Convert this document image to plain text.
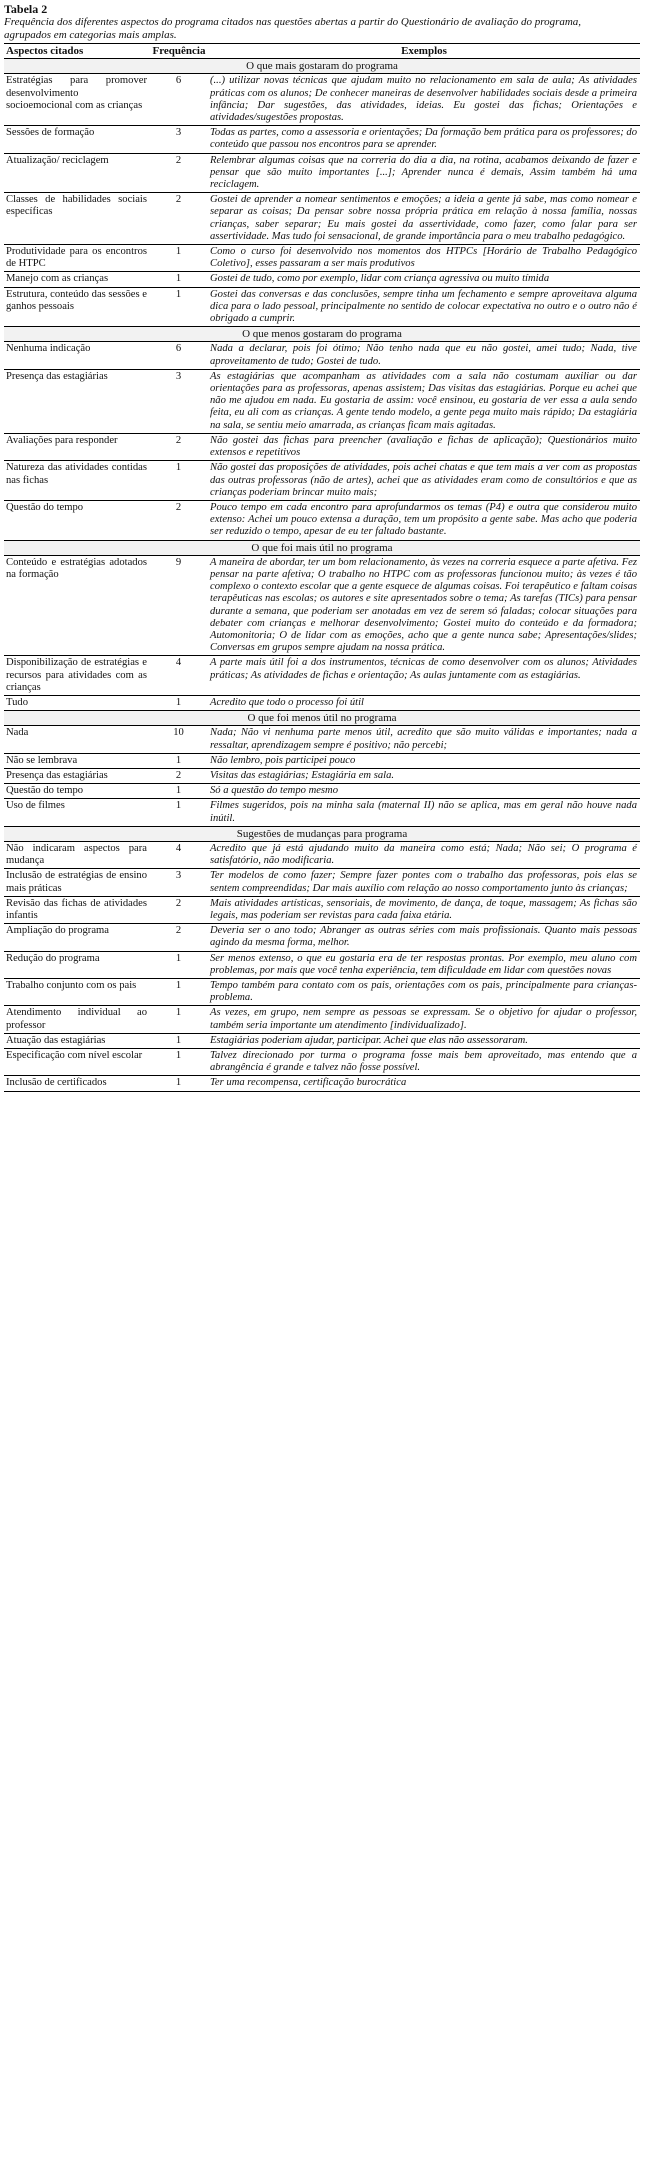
Tabela 2
Frequência dos diferentes aspectos do programa citados nas questões abertas a partir do Questionário de avaliação do programa, agrupados em categorias mais amplas.
Aspectos citados	Frequência	Exemplos
O que mais gostaram do programa		
Estratégias para promover desenvolvimento socioemocional com as crianças	6	(...) utilizar novas técnicas que ajudam muito no relacionamento em sala de aula; As atividades práticas com os alunos; De conhecer maneiras de desenvolver habilidades sociais desde a primeira infância; Dar sugestões, das atividades, ideias. Eu gostei das fichas; Orientações e atividades/sugestões propostas.
Sessões de formação	3	Todas as partes, como a assessoria e orientações; Da formação bem prática para os professores; do conteúdo que passou nos encontros para se aprender.
Atualização/ reciclagem	2	Relembrar algumas coisas que na correria do dia a dia, na rotina, acabamos deixando de fazer e pensar que são muito importantes [...]; Aprender nunca é demais, Assim também há uma reciclagem.
Classes de habilidades sociais específicas	2	Gostei de aprender a nomear sentimentos e emoções; a ideia a gente já sabe, mas como nomear e separar as coisas; Da pensar sobre nossa própria prática em relação à nossa família, nossas crianças, saber separar; Eu mais gostei da assertividade, como fazer, como falar para ser assertividade. Mas tudo foi sensacional, de grande importância para o meu trabalho pedagógico.
Produtividade para os encontros de HTPC	1	Como o curso foi desenvolvido nos momentos dos HTPCs [Horário de Trabalho Pedagógico Coletivo], esses passaram a ser mais produtivos
Manejo com as crianças	1	Gostei de tudo, como por exemplo, lidar com criança agressiva ou muito tímida
Estrutura, conteúdo das sessões e ganhos pessoais	1	Gostei das conversas e das conclusões, sempre tinha um fechamento e sempre aproveitava alguma dica para o lado pessoal, principalmente no sentido de colocar expectativa no outro e o outro não é obrigado a cumprir.
O que menos gostaram do programa		
Nenhuma indicação	6	Nada a declarar, pois foi ótimo; Não tenho nada que eu não gostei, amei tudo; Nada, tive aproveitamento de tudo; Gostei de tudo.
Presença das estagiárias	3	As estagiárias que acompanham as atividades com a sala não costumam auxiliar ou dar orientações para as professoras, apenas assistem; Das visitas das estagiárias. Porque eu achei que não me ajudou em nada. Eu gostaria de assim: você ensinou, eu gostaria de ver essa a aula sendo feita, eu ali com as crianças. A gente tendo modelo, a gente pega muito mais rápido; Da estagiária na sala, se sentiu meio amarrada, as crianças ficam mais agitadas.
Avaliações para responder	2	Não gostei das fichas para preencher (avaliação e fichas de aplicação); Questionários muito extensos e repetitivos
Natureza das atividades contidas nas fichas	1	Não gostei das proposições de atividades, pois achei chatas e que tem mais a ver com as propostas das outras professoras (não de artes), achei que as atividades eram como de consultórios e que as crianças poderiam brincar muito mais;
Questão do tempo	2	Pouco tempo em cada encontro para aprofundarmos os temas (P4) e outra que considerou muito extenso: Achei um pouco extensa a duração, tem um propósito a gente sabe. Mas acho que poderia ser reduzido o tempo, apesar de eu ter faltado bastante.
O que foi mais útil no programa		
Conteúdo e estratégias adotados na formação	9	A maneira de abordar, ter um bom relacionamento, às vezes na correria esquece a parte afetiva. Fez pensar na parte afetiva; O trabalho no HTPC com as professoras funcionou muito; às vezes é tão complexo o contexto escolar que a gente esquece de algumas coisas. Foi terapêutico e faltam coisas terapêuticas nas escolas; os autores e site apresentados sobre o tema; As tarefas (TICs) para pensar durante a semana, que poderiam ser anotadas em vez de serem só faladas; colocar situações para debater com crianças e melhorar desenvolvimento; Gostei muito do conteúdo e da formadora; Automonitoria; O de lidar com as emoções, acho que a gente nunca sabe; Apresentações/slides; Conversas em grupos sempre ajudam na nossa prática.
Disponibilização de estratégias e recursos para atividades com as crianças	4	A parte mais útil foi a dos instrumentos, técnicas de como desenvolver com os alunos; Atividades práticas; As atividades de fichas e orientação; As aulas juntamente com as estagiárias.
Tudo	1	Acredito que todo o processo foi útil
O que foi menos útil no programa		
Nada	10	Nada; Não vi nenhuma parte menos útil, acredito que são muito válidas e importantes; nada a ressaltar, aprendizagem sempre é positivo; não percebi;
Não se lembrava	1	Não lembro, pois participei pouco
Presença das estagiárias	2	Visitas das estagiárias; Estagiária em sala.
Questão do tempo	1	Só a questão do tempo mesmo
Uso de filmes	1	Filmes sugeridos, pois na minha sala (maternal II) não se aplica, mas em geral não houve nada inútil.
Sugestões de mudanças para programa		
Não indicaram aspectos para mudança	4	Acredito que já está ajudando muito da maneira como está; Nada; Não sei; O programa é satisfatório, não modificaria.
Inclusão de estratégias de ensino mais práticas	3	Ter modelos de como fazer; Sempre fazer pontes com o trabalho das professoras, pois elas se sentem compreendidas; Dar mais auxílio com relação ao nosso comportamento junto às crianças;
Revisão das fichas de atividades infantis	2	Mais atividades artísticas, sensoriais, de movimento, de dança, de toque, massagem; As fichas são legais, mas poderiam ser revistas para cada faixa etária.
Ampliação do programa	2	Deveria ser o ano todo; Abranger as outras séries com mais profissionais. Quanto mais pessoas agindo da mesma forma, melhor.
Redução do programa	1	Ser menos extenso, o que eu gostaria era de ter respostas prontas. Por exemplo, meu aluno com problemas, por mais que você tenha experiência, tem dificuldade em lidar com questões novas
Trabalho conjunto com os pais	1	Tempo também para contato com os pais, orientações com os pais, principalmente para crianças-problema.
Atendimento individual ao professor	1	As vezes, em grupo, nem sempre as pessoas se expressam. Se o objetivo for ajudar o professor, também seria importante um atendimento [individualizado].
Atuação das estagiárias	1	Estagiárias poderiam ajudar, participar. Achei que elas não assessoraram.
Especificação com nível escolar	1	Talvez direcionado por turma o programa fosse mais bem aproveitado, mas entendo que a abrangência é grande e talvez não fosse possível.
Inclusão de certificados	1	Ter uma recompensa, certificação burocrática
